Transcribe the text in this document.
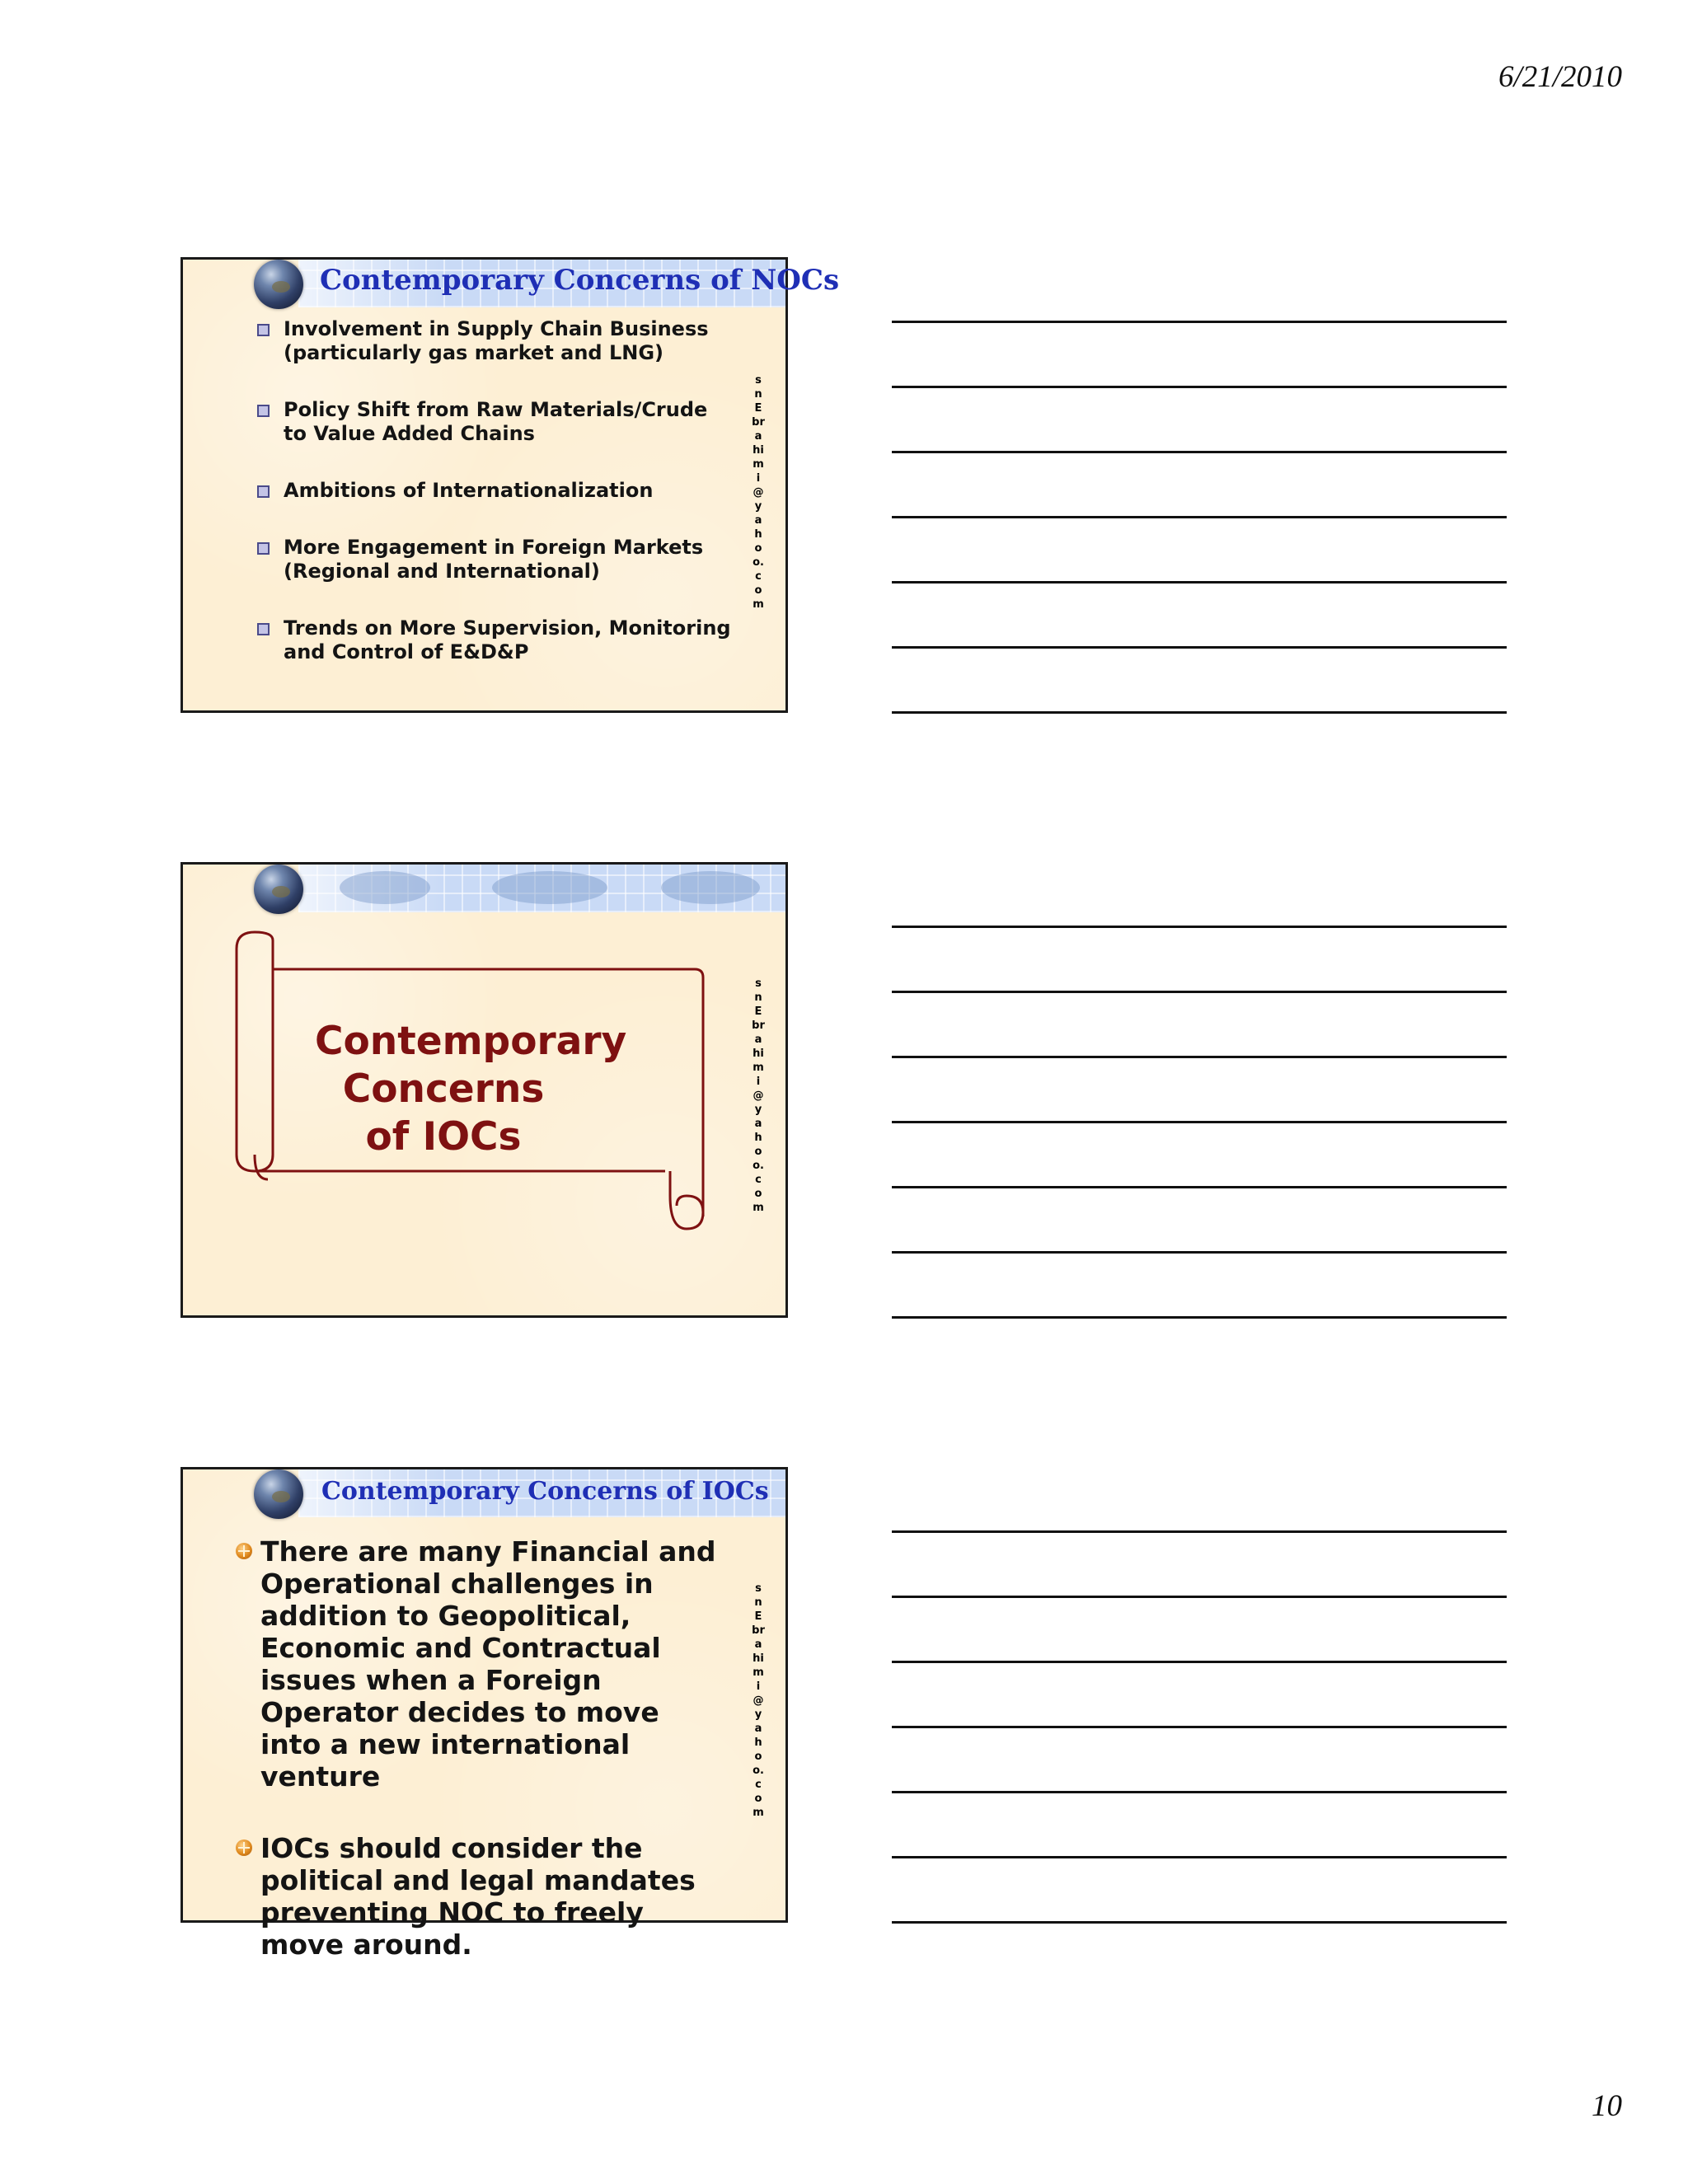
6/21/2010

Contemporary Concerns of NOCs
Involvement in Supply Chain Business (particularly gas market and LNG)
Policy Shift from Raw Materials/Crude to Value Added Chains
Ambitions of Internationalization
More Engagement in Foreign Markets (Regional and International)
Trends on More Supervision, Monitoring and Control of E&D&P
snEbrahimi@yahoo.com

Contemporary Concerns of IOCs

snEbrahimi@yahoo.com
Contemporary Concerns of IOCs
There are many Financial and Operational challenges in addition to Geopolitical, Economic and Contractual issues when a Foreign Operator decides to move into a new international venture
IOCs should consider the political and legal mandates preventing NOC to freely move around.
snEbrahimi@yahoo.com

10
